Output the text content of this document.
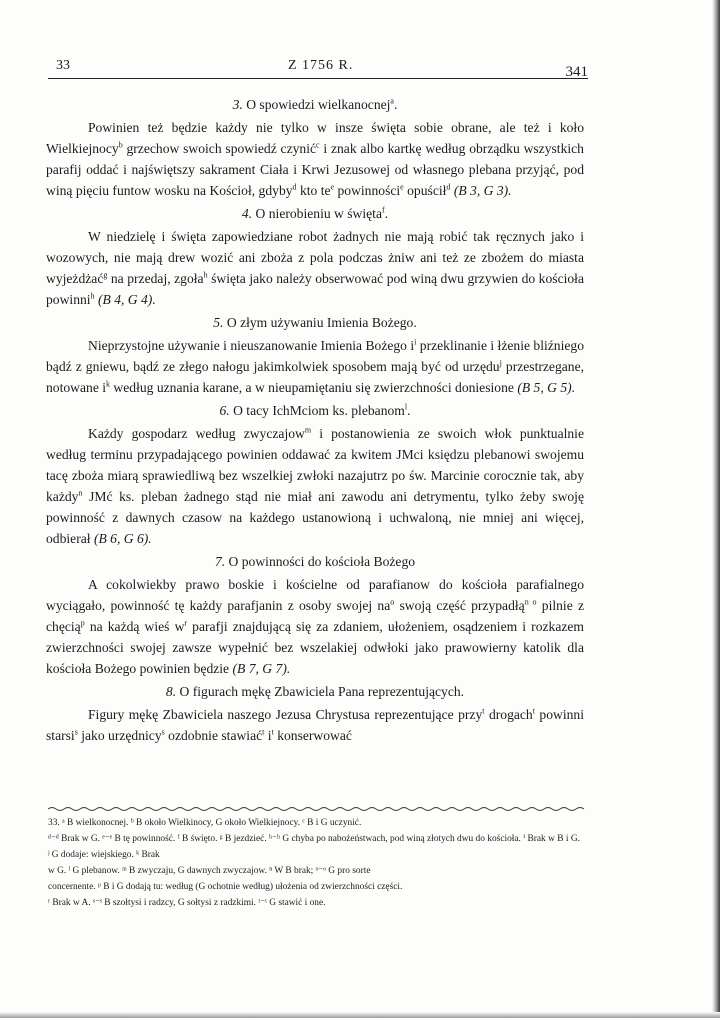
33	Z 1756 R.	341
3. O spowiedzi wielkanocnej$^a$.

Powinien też będzie każdy nie tylko w insze święta sobie obrane, ale też i koło Wielkiejnocy$^b$ grzechow swoich spowiedź czynić$^c$ i znak albo kartkę według obrządku wszystkich parafij oddać i najświętszy sakrament Ciała i Krwi Jezusowej od własnego plebana przyjąć, pod winą pięciu funtow wosku na Kościoł, gdyby$^d$ kto $te^e$ powinności$^e$ opuścił$^d$ (B 3, G 3).

4. O nierobieniu w święta$^f$.

W niedzielę i święta zapowiedziane robot żadnych nie mają robić tak ręcznych jako i wozowych, nie mają drew wozić ani zboża z pola podczas żniw ani też ze zbożem do miasta wyjeżdżać$^g$ na przedaj, zgoła$^h$ święta jako należy obserwować pod winą dwu grzywien do kościoła powinni$^h$ (B 4, G 4).

5. O złym używaniu Imienia Bożego.

Nieprzystojne używanie i nieuszanowanie Imienia Bożego $i^i$ przeklinanie i łżenie bliźniego bądź z gniewu, bądź ze złego nałogu jakimkolwiek sposobem mają być od urzędu$^j$ przestrzegane, notowane $i^k$ według uznania karane, a w nieupamiętaniu się zwierzchności doniesione (B 5, G 5).

6. O tacy IchMciom ks. plebanom$^l$.

Każdy gospodarz według zwyczajow$^m$ i postanowienia ze swoich włok punktualnie według terminu przypadającego powinien oddawać za kwitem JMci księdzu plebanowi swojemu tacę zboża miarą sprawiedliwą bez wszelkiej zwłoki nazajutrz po św. Marcinie corocznie tak, aby każdy$^n$ JMć ks. pleban żadnego stąd nie miał ani zawodu ani detrymentu, tylko żeby swoję powinność z dawnych czasow na każdego ustanowioną i uchwaloną, nie mniej ani więcej, odbierał (B 6, G 6).

7. O powinności do kościoła Bożego

A cokolwiekby prawo boskie i kościelne od parafianow do kościoła parafialnego wyciągało, powinność tę każdy parafjanin z osoby swojej $na^o$ swoją część przypadłą$^{n o}$ pilnie z chęcią$^p$ na każdą wieś $w^r$ parafji znajdującą się za zdaniem, ułożeniem, osądzeniem i rozkazem zwierzchności swojej zawsze wypełnić bez wszelakiej odwłoki jako prawowierny katolik dla kościoła Bożego powinien będzie (B 7, G 7).

8. O figurach mękę Zbawiciela Pana reprezentujących.

Figury mękę Zbawiciela naszego Jezusa Chrystusa reprezentujące przy$^t$ drogach$^t$ powinni starsi$^s$ jako urzędnicy$^s$ ozdobnie stawiać$^t$ $i^t$ konserwować

33. ᵃ B wielkonocnej. ᵇ B około Wielkinocy, G około Wielkiejnocy. ᶜ B i G uczynić.
ᵈ⁻ᵈ Brak w G. ᵉ⁻ᵉ B tę powinność. ᶠ B święto. ᵍ B jezdzieć. ʰ⁻ʰ G chyba po nabożeństwach, pod winą złotych dwu do kościoła. ⁱ Brak w B i G. ʲ G dodaje: wiejskiego. ᵏ Brak
w G. ˡ G plebanow. ᵐ B zwyczaju, G dawnych zwyczajow. ⁿ W B brak; ᵒ⁻ᵒ G pro sorte
concernente. ᵖ B i G dodają tu: według (G ochotnie według) ułożenia od zwierzchności części.
ʳ Brak w A. ˢ⁻ˢ B szołtysi i radzcy, G sołtysi z radzkimi. ᵗ⁻ᵗ G stawić i one.
